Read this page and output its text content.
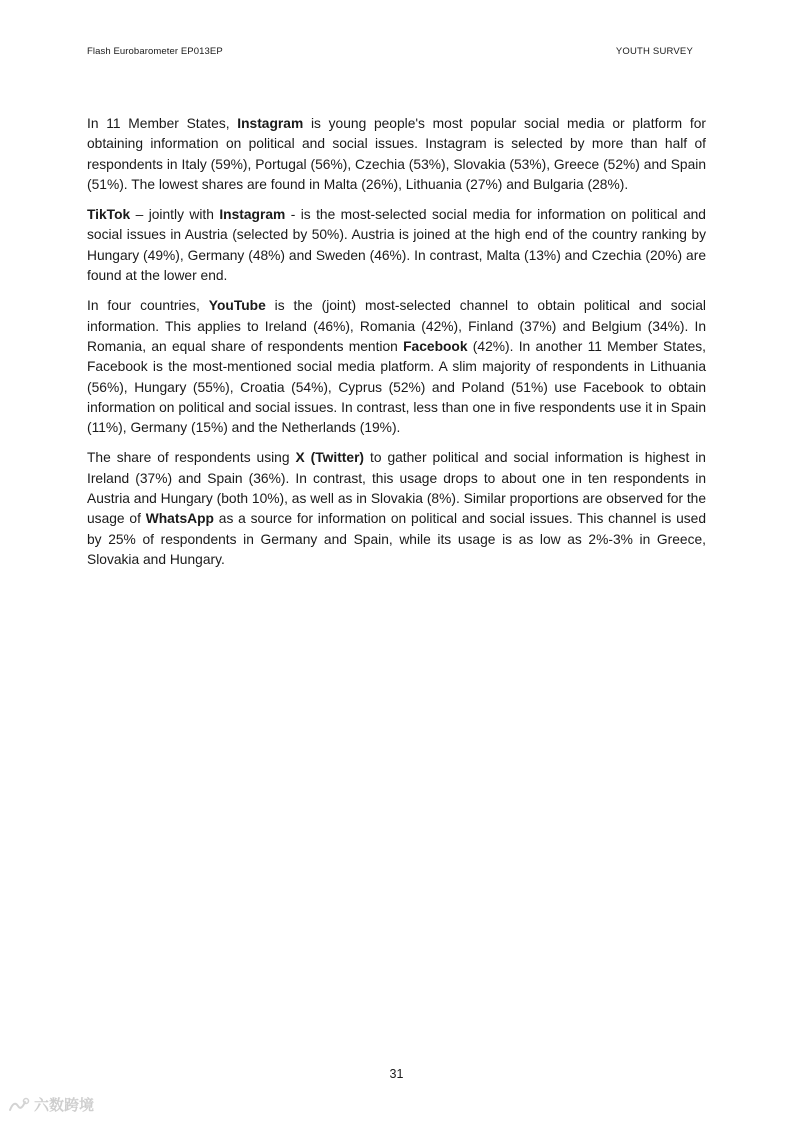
Flash Eurobarometer EP013EP	YOUTH SURVEY

In 11 Member States, Instagram is young people's most popular social media or platform for obtaining information on political and social issues. Instagram is selected by more than half of respondents in Italy (59%), Portugal (56%), Czechia (53%), Slovakia (53%), Greece (52%) and Spain (51%). The lowest shares are found in Malta (26%), Lithuania (27%) and Bulgaria (28%).

TikTok – jointly with Instagram - is the most-selected social media for information on political and social issues in Austria (selected by 50%). Austria is joined at the high end of the country ranking by Hungary (49%), Germany (48%) and Sweden (46%). In contrast, Malta (13%) and Czechia (20%) are found at the lower end.

In four countries, YouTube is the (joint) most-selected channel to obtain political and social information. This applies to Ireland (46%), Romania (42%), Finland (37%) and Belgium (34%). In Romania, an equal share of respondents mention Facebook (42%). In another 11 Member States, Facebook is the most-mentioned social media platform. A slim majority of respondents in Lithuania (56%), Hungary (55%), Croatia (54%), Cyprus (52%) and Poland (51%) use Facebook to obtain information on political and social issues. In contrast, less than one in five respondents use it in Spain (11%), Germany (15%) and the Netherlands (19%).

The share of respondents using X (Twitter) to gather political and social information is highest in Ireland (37%) and Spain (36%). In contrast, this usage drops to about one in ten respondents in Austria and Hungary (both 10%), as well as in Slovakia (8%). Similar proportions are observed for the usage of WhatsApp as a source for information on political and social issues. This channel is used by 25% of respondents in Germany and Spain, while its usage is as low as 2%-3% in Greece, Slovakia and Hungary.

31
六数跨境
